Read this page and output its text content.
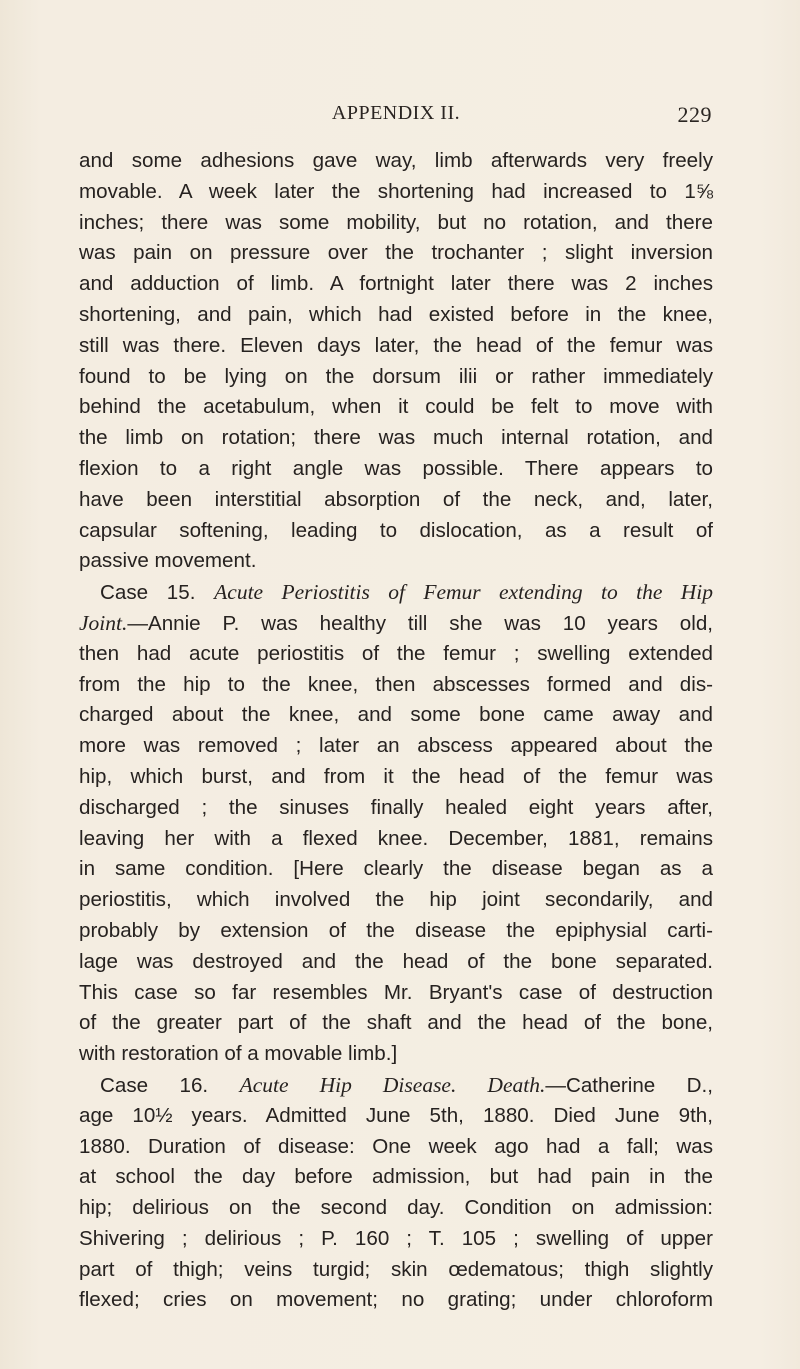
APPENDIX II.	229
and some adhesions gave way, limb afterwards very freely
movable. A week later the shortening had increased to 1⅝
inches; there was some mobility, but no rotation, and there
was pain on pressure over the trochanter ; slight inversion
and adduction of limb. A fortnight later there was 2 inches
shortening, and pain, which had existed before in the knee,
still was there. Eleven days later, the head of the femur was
found to be lying on the dorsum ilii or rather immediately
behind the acetabulum, when it could be felt to move with
the limb on rotation; there was much internal rotation, and
flexion to a right angle was possible. There appears to
have been interstitial absorption of the neck, and, later,
capsular softening, leading to dislocation, as a result of
passive movement.
Case 15. Acute Periostitis of Femur extending to the Hip
Joint.—Annie P. was healthy till she was 10 years old,
then had acute periostitis of the femur ; swelling extended
from the hip to the knee, then abscesses formed and dis-
charged about the knee, and some bone came away and
more was removed ; later an abscess appeared about the
hip, which burst, and from it the head of the femur was
discharged ; the sinuses finally healed eight years after,
leaving her with a flexed knee. December, 1881, remains
in same condition. [Here clearly the disease began as a
periostitis, which involved the hip joint secondarily, and
probably by extension of the disease the epiphysial carti-
lage was destroyed and the head of the bone separated.
This case so far resembles Mr. Bryant's case of destruction
of the greater part of the shaft and the head of the bone,
with restoration of a movable limb.]
Case 16. Acute Hip Disease. Death.—Catherine D.,
age 10½ years. Admitted June 5th, 1880. Died June 9th,
1880. Duration of disease: One week ago had a fall; was
at school the day before admission, but had pain in the
hip; delirious on the second day. Condition on admission:
Shivering ; delirious ; P. 160 ; T. 105 ; swelling of upper
part of thigh; veins turgid; skin œdematous; thigh slightly
flexed; cries on movement; no grating; under chloroform
